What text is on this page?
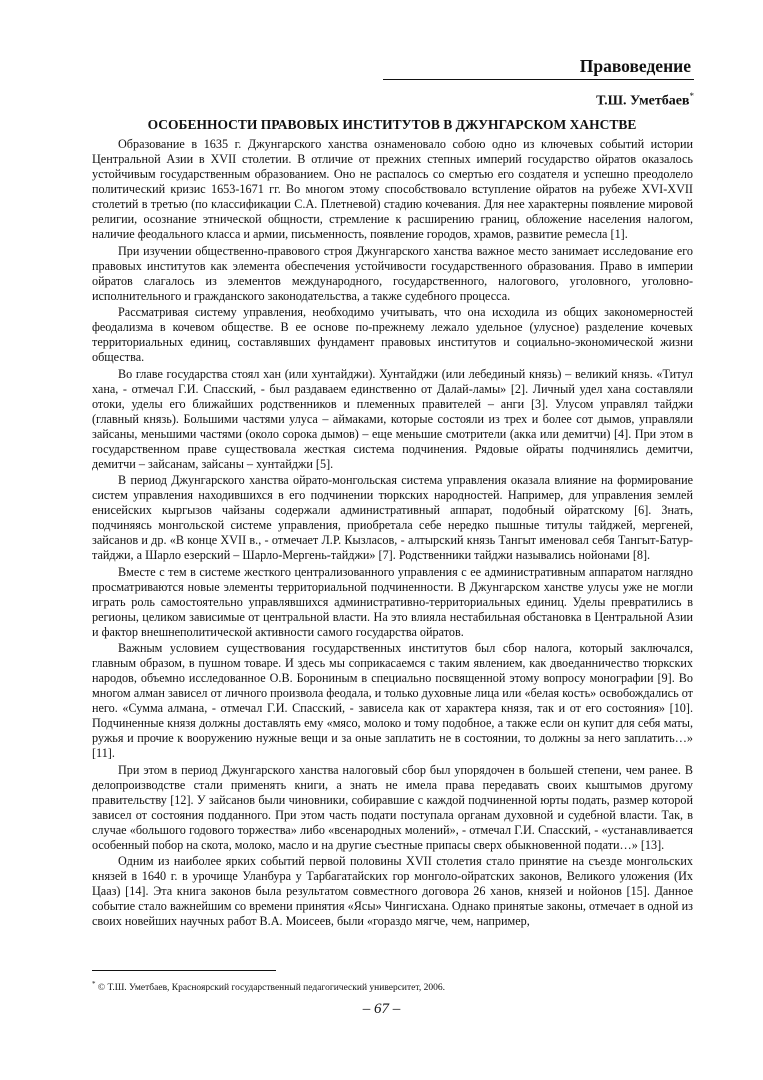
Правоведение
Т.Ш. Уметбаев*
ОСОБЕННОСТИ ПРАВОВЫХ ИНСТИТУТОВ В ДЖУНГАРСКОМ ХАНСТВЕ

Образование в 1635 г. Джунгарского ханства ознаменовало собою одно из ключевых событий истории Центральной Азии в XVII столетии. В отличие от прежних степных империй государство ойратов оказалось устойчивым государственным образованием. Оно не распалось со смертью его создателя и успешно преодолело политический кризис 1653-1671 гг. Во многом этому способствовало вступление ойратов на рубеже XVI-XVII столетий в третью (по классификации С.А. Плетневой) стадию кочевания. Для нее характерны появление мировой религии, осознание этнической общности, стремление к расширению границ, обложение населения налогом, наличие феодального класса и армии, письменность, появление городов, храмов, развитие ремесла [1].

При изучении общественно-правового строя Джунгарского ханства важное место занимает исследование его правовых институтов как элемента обеспечения устойчивости государственного образования. Право в империи ойратов слагалось из элементов международного, государственного, налогового, уголовного, уголовно-исполнительного и гражданского законодательства, а также судебного процесса.

Рассматривая систему управления, необходимо учитывать, что она исходила из общих закономерностей феодализма в кочевом обществе. В ее основе по-прежнему лежало удельное (улусное) разделение кочевых территориальных единиц, составлявших фундамент правовых институтов и социально-экономической жизни общества.

Во главе государства стоял хан (или хунтайджи). Хунтайджи (или лебединый князь) – великий князь. «Титул хана, - отмечал Г.И. Спасский, - был раздаваем единственно от Далай-ламы» [2]. Личный удел хана составляли отоки, уделы его ближайших родственников и племенных правителей – анги [3]. Улусом управлял тайджи (главный князь). Большими частями улуса – аймаками, которые состояли из трех и более сот дымов, управляли зайсаны, меньшими частями (около сорока дымов) – еще меньшие смотрители (акка или демитчи) [4]. При этом в государственном праве существовала жесткая система подчинения. Рядовые ойраты подчинялись демитчи, демитчи – зайсанам, зайсаны – хунтайджи [5].

В период Джунгарского ханства ойрато-монгольская система управления оказала влияние на формирование систем управления находившихся в его подчинении тюркских народностей. Например, для управления землей енисейских кыргызов чайзаны содержали административный аппарат, подобный ойратскому [6]. Знать, подчиняясь монгольской системе управления, приобретала себе нередко пышные титулы тайджей, мергеней, зайсанов и др. «В конце XVII в., - отмечает Л.Р. Кызласов, - алтырский князь Тангыт именовал себя Тангыт-Батур-тайджи, а Шарло езерский – Шарло-Мергень-тайджи» [7]. Родственники тайджи назывались нойонами [8].

Вместе с тем в системе жесткого централизованного управления с ее административным аппаратом наглядно просматриваются новые элементы территориальной подчиненности. В Джунгарском ханстве улусы уже не могли играть роль самостоятельно управлявшихся административно-территориальных единиц. Уделы превратились в регионы, целиком зависимые от центральной власти. На это влияла нестабильная обстановка в Центральной Азии и фактор внешнеполитической активности самого государства ойратов.

Важным условием существования государственных институтов был сбор налога, который заключался, главным образом, в пушном товаре. И здесь мы соприкасаемся с таким явлением, как двоеданничество тюркских народов, объемно исследованное О.В. Борониным в специально посвященной этому вопросу монографии [9]. Во многом алман зависел от личного произвола феодала, и только духовные лица или «белая кость» освобождались от него. «Сумма алмана, - отмечал Г.И. Спасский, - зависела как от характера князя, так и от его состояния» [10]. Подчиненные князя должны доставлять ему «мясо, молоко и тому подобное, а также если он купит для себя маты, ружья и прочие к вооружению нужные вещи и за оные заплатить не в состоянии, то должны за него заплатить…» [11].

При этом в период Джунгарского ханства налоговый сбор был упорядочен в большей степени, чем ранее. В делопроизводстве стали применять книги, а знать не имела права передавать своих кыштымов другому правительству [12]. У зайсанов были чиновники, собиравшие с каждой подчиненной юрты подать, размер которой зависел от состояния подданного. При этом часть подати поступала органам духовной и судебной власти. Так, в случае «большого годового торжества» либо «всенародных молений», - отмечал Г.И. Спасский, - «устанавливается особенный побор на скота, молоко, масло и на другие съестные припасы сверх обыкновенной подати…» [13].

Одним из наиболее ярких событий первой половины XVII столетия стало принятие на съезде монгольских князей в 1640 г. в урочище Уланбура у Тарбагатайских гор монголо-ойратских законов, Великого уложения (Их Цааз) [14]. Эта книга законов была результатом совместного договора 26 ханов, князей и нойонов [15]. Данное событие стало важнейшим со времени принятия «Ясы» Чингисхана. Однако принятые законы, отмечает в одной из своих новейших научных работ В.А. Моисеев, были «гораздо мягче, чем, например,

* © Т.Ш. Уметбаев, Красноярский государственный педагогический университет, 2006.
– 67 –
